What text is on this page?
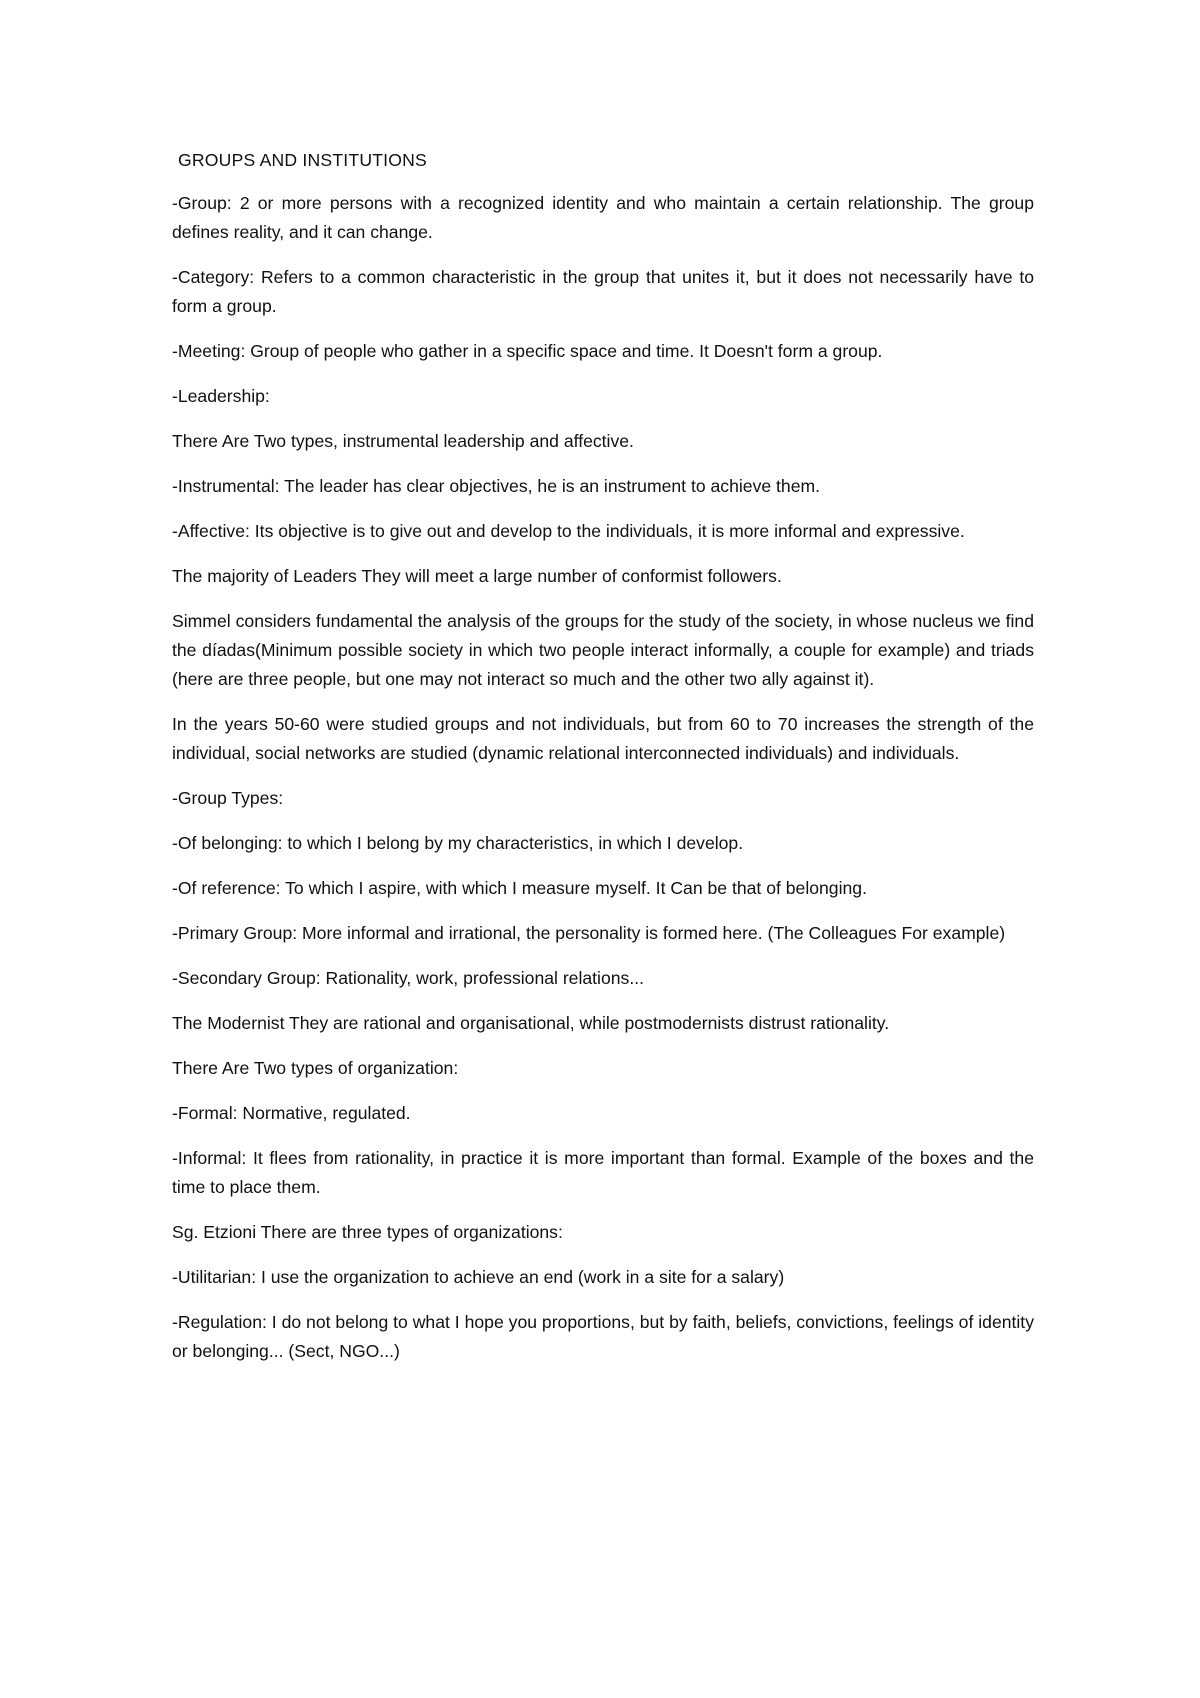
GROUPS AND INSTITUTIONS

-Group: 2 or more persons with a recognized identity and who maintain a certain relationship. The group defines reality, and it can change.

-Category: Refers to a common characteristic in the group that unites it, but it does not necessarily have to form a group.

-Meeting: Group of people who gather in a specific space and time. It Doesn't form a group.

-Leadership:

There Are Two types, instrumental leadership and affective.

-Instrumental: The leader has clear objectives, he is an instrument to achieve them.

-Affective: Its objective is to give out and develop to the individuals, it is more informal and expressive.

The majority of Leaders They will meet a large number of conformist followers.

Simmel considers fundamental the analysis of the groups for the study of the society, in whose nucleus we find the díadas(Minimum possible society in which two people interact informally, a couple for example) and triads (here are three people, but one may not interact so much and the other two ally against it).

In the years 50-60 were studied groups and not individuals, but from 60 to 70 increases the strength of the individual, social networks are studied (dynamic relational interconnected individuals) and individuals.

-Group Types:

-Of belonging: to which I belong by my characteristics, in which I develop.

-Of reference: To which I aspire, with which I measure myself. It Can be that of belonging.

-Primary Group: More informal and irrational, the personality is formed here. (The Colleagues For example)

-Secondary Group: Rationality, work, professional relations...

The Modernist They are rational and organisational, while postmodernists distrust rationality.

There Are Two types of organization:

-Formal: Normative, regulated.

-Informal: It flees from rationality, in practice it is more important than formal. Example of the boxes and the time to place them.

Sg. Etzioni There are three types of organizations:

-Utilitarian: I use the organization to achieve an end (work in a site for a salary)

-Regulation: I do not belong to what I hope you proportions, but by faith, beliefs, convictions, feelings of identity or belonging... (Sect, NGO...)
